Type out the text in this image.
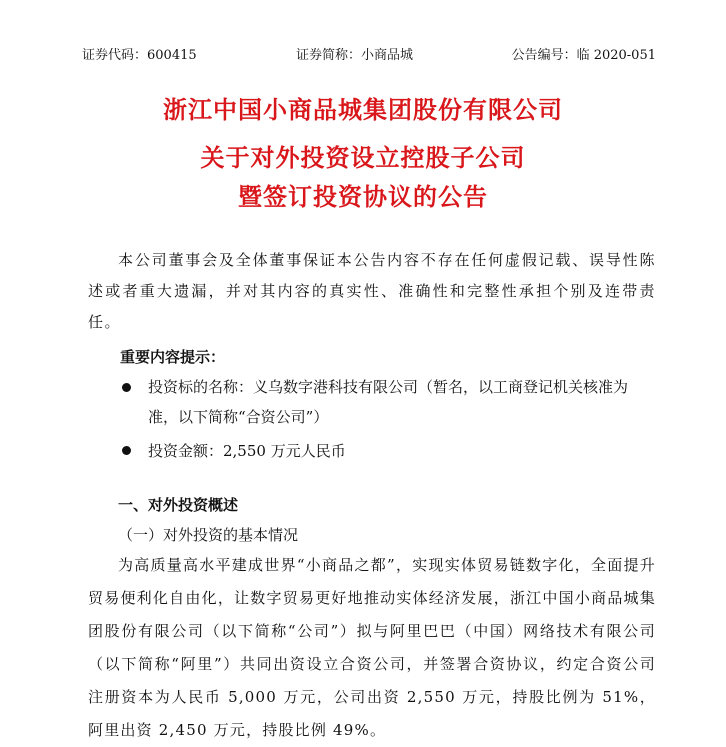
证券代码：600415	证券简称：小商品城	公告编号：临 2020-051
浙江中国小商品城集团股份有限公司
关于对外投资设立控股子公司
暨签订投资协议的公告
本公司董事会及全体董事保证本公告内容不存在任何虚假记载、误导性陈述或者重大遗漏，并对其内容的真实性、准确性和完整性承担个别及连带责任。
重要内容提示：
投资标的名称：义乌数字港科技有限公司（暂名，以工商登记机关核准为准，以下简称“合资公司”）
投资金额：2,550 万元人民币
一、对外投资概述
（一）对外投资的基本情况
为高质量高水平建成世界“小商品之都”，实现实体贸易链数字化，全面提升贸易便利化自由化，让数字贸易更好地推动实体经济发展，浙江中国小商品城集团股份有限公司（以下简称“公司”）拟与阿里巴巴（中国）网络技术有限公司（以下简称“阿里”）共同出资设立合资公司，并签署合资协议，约定合资公司注册资本为人民币 5,000 万元，公司出资 2,550 万元，持股比例为 51%，阿里出资 2,450 万元，持股比例 49%。
